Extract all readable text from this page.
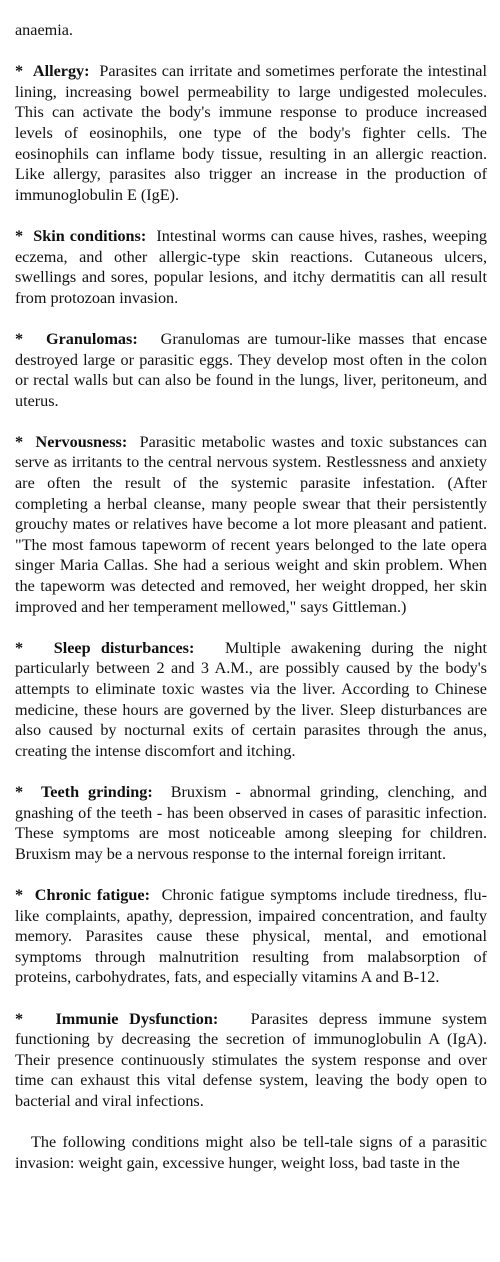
anaemia.

* Allergy: Parasites can irritate and sometimes perforate the intestinal lining, increasing bowel permeability to large undigested molecules. This can activate the body's immune response to produce increased levels of eosinophils, one type of the body's fighter cells. The eosinophils can inflame body tissue, resulting in an allergic reaction. Like allergy, parasites also trigger an increase in the production of immunoglobulin E (IgE).

* Skin conditions: Intestinal worms can cause hives, rashes, weeping eczema, and other allergic-type skin reactions. Cutaneous ulcers, swellings and sores, popular lesions, and itchy dermatitis can all result from protozoan invasion.

* Granulomas: Granulomas are tumour-like masses that encase destroyed large or parasitic eggs. They develop most often in the colon or rectal walls but can also be found in the lungs, liver, peritoneum, and uterus.

* Nervousness: Parasitic metabolic wastes and toxic substances can serve as irritants to the central nervous system. Restlessness and anxiety are often the result of the systemic parasite infestation. (After completing a herbal cleanse, many people swear that their persistently grouchy mates or relatives have become a lot more pleasant and patient. "The most famous tapeworm of recent years belonged to the late opera singer Maria Callas. She had a serious weight and skin problem. When the tapeworm was detected and removed, her weight dropped, her skin improved and her temperament mellowed," says Gittleman.)

* Sleep disturbances: Multiple awakening during the night particularly between 2 and 3 A.M., are possibly caused by the body's attempts to eliminate toxic wastes via the liver. According to Chinese medicine, these hours are governed by the liver. Sleep disturbances are also caused by nocturnal exits of certain parasites through the anus, creating the intense discomfort and itching.

* Teeth grinding: Bruxism - abnormal grinding, clenching, and gnashing of the teeth - has been observed in cases of parasitic infection. These symptoms are most noticeable among sleeping for children. Bruxism may be a nervous response to the internal foreign irritant.

* Chronic fatigue: Chronic fatigue symptoms include tiredness, flu-like complaints, apathy, depression, impaired concentration, and faulty memory. Parasites cause these physical, mental, and emotional symptoms through malnutrition resulting from malabsorption of proteins, carbohydrates, fats, and especially vitamins A and B-12.

* Immunie Dysfunction: Parasites depress immune system functioning by decreasing the secretion of immunoglobulin A (IgA). Their presence continuously stimulates the system response and over time can exhaust this vital defense system, leaving the body open to bacterial and viral infections.

The following conditions might also be tell-tale signs of a parasitic invasion: weight gain, excessive hunger, weight loss, bad taste in the
